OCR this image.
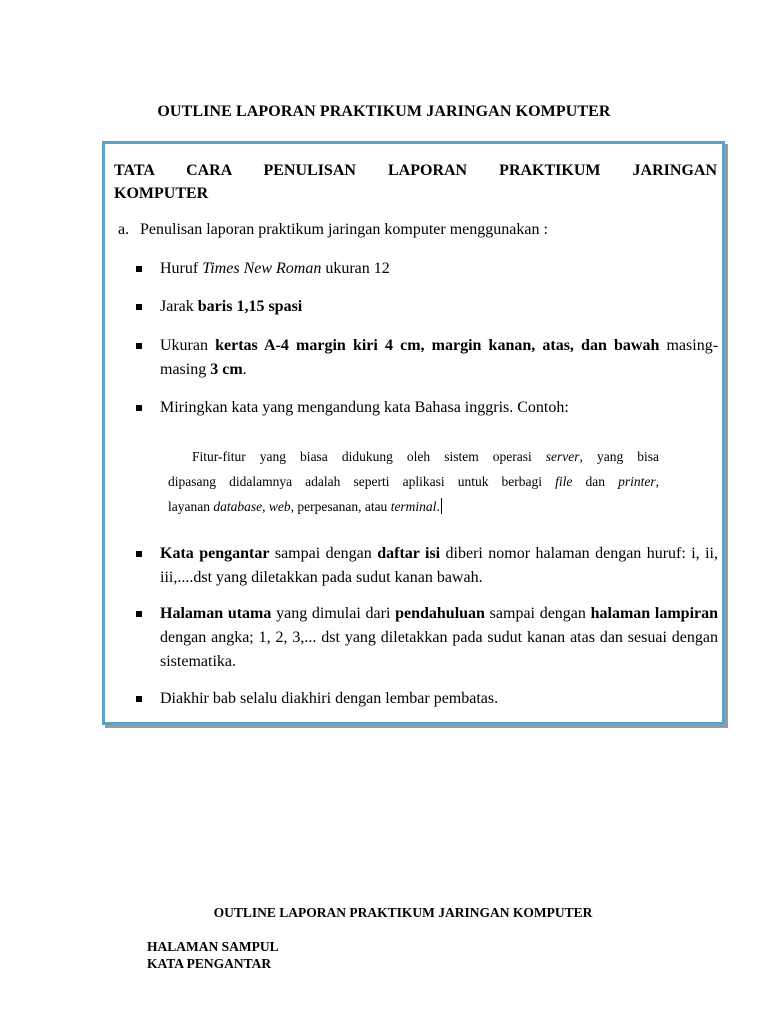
OUTLINE LAPORAN PRAKTIKUM JARINGAN KOMPUTER
TATA CARA PENULISAN LAPORAN PRAKTIKUM JARINGAN
KOMPUTER
a. Penulisan laporan praktikum jaringan komputer menggunakan :
Huruf Times New Roman ukuran 12
Jarak baris 1,15 spasi
Ukuran kertas A-4 margin kiri 4 cm, margin kanan, atas, dan bawah masing-masing 3 cm.
Miringkan kata yang mengandung kata Bahasa inggris. Contoh:
Fitur-fitur yang biasa didukung oleh sistem operasi server, yang bisa
dipasang didalamnya adalah seperti aplikasi untuk berbagi file dan printer,
layanan database, web, perpesanan, atau terminal.
Kata pengantar sampai dengan daftar isi diberi nomor halaman dengan huruf: i, ii, iii,....dst yang diletakkan pada sudut kanan bawah.
Halaman utama yang dimulai dari pendahuluan sampai dengan halaman lampiran dengan angka; 1, 2, 3,... dst yang diletakkan pada sudut kanan atas dan sesuai dengan sistematika.
Diakhir bab selalu diakhiri dengan lembar pembatas.
OUTLINE LAPORAN PRAKTIKUM JARINGAN KOMPUTER
HALAMAN SAMPUL
KATA PENGANTAR
